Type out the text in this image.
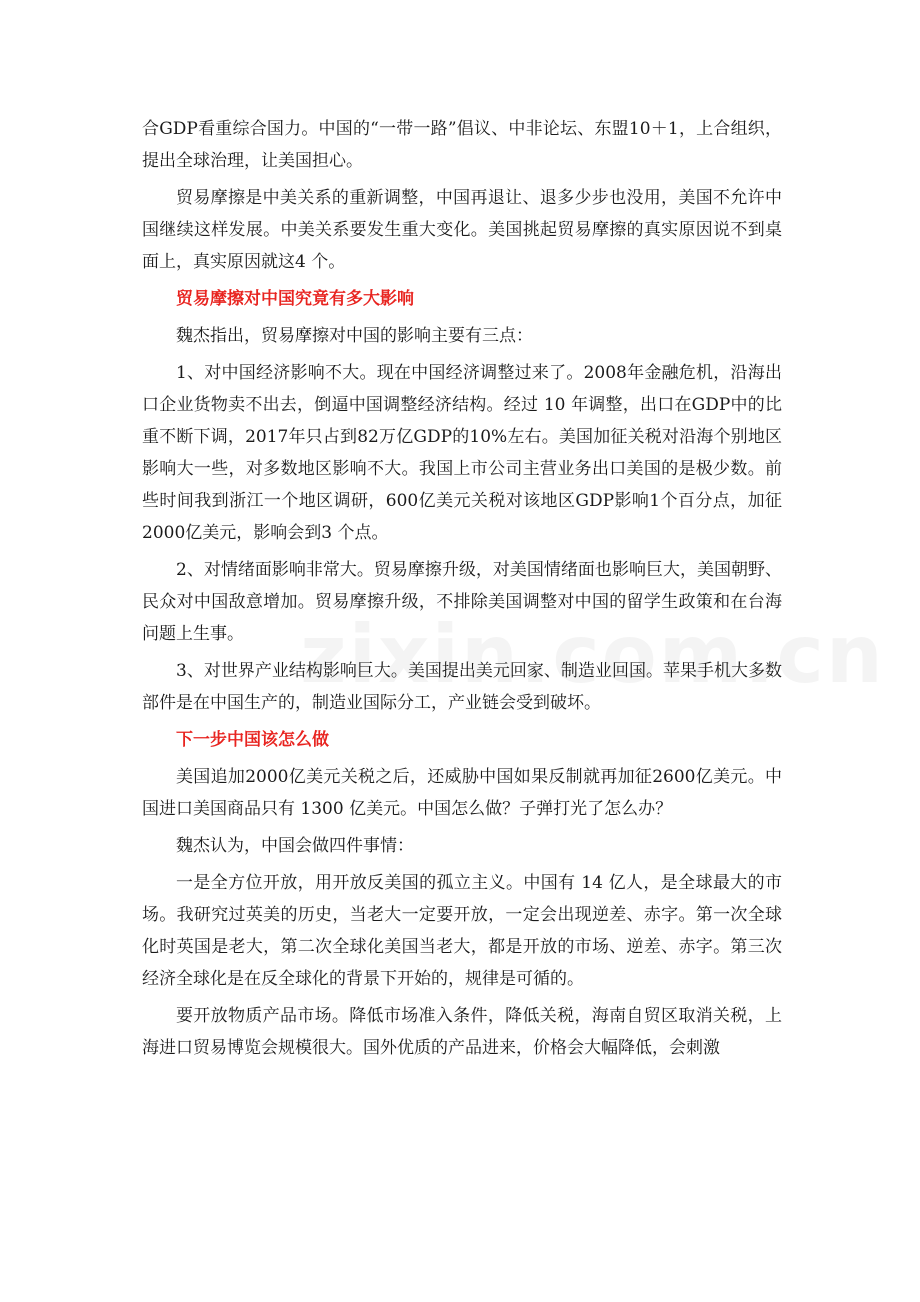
合GDP看重综合国力。中国的“一带一路”倡议、中非论坛、东盟10＋1，上合组织，提出全球治理，让美国担心。

贸易摩擦是中美关系的重新调整，中国再退让、退多少步也没用，美国不允许中国继续这样发展。中美关系要发生重大变化。美国挑起贸易摩擦的真实原因说不到桌面上，真实原因就这4 个。

贸易摩擦对中国究竟有多大影响

魏杰指出，贸易摩擦对中国的影响主要有三点：

1、对中国经济影响不大。现在中国经济调整过来了。2008年金融危机，沿海出口企业货物卖不出去，倒逼中国调整经济结构。经过 10 年调整，出口在GDP中的比重不断下调，2017年只占到82万亿GDP的10%左右。美国加征关税对沿海个别地区影响大一些，对多数地区影响不大。我国上市公司主营业务出口美国的是极少数。前些时间我到浙江一个地区调研，600亿美元关税对该地区GDP影响1个百分点，加征 2000亿美元，影响会到3 个点。

2、对情绪面影响非常大。贸易摩擦升级，对美国情绪面也影响巨大，美国朝野、民众对中国敌意增加。贸易摩擦升级，不排除美国调整对中国的留学生政策和在台海问题上生事。

3、对世界产业结构影响巨大。美国提出美元回家、制造业回国。苹果手机大多数部件是在中国生产的，制造业国际分工，产业链会受到破坏。

下一步中国该怎么做

美国追加2000亿美元关税之后，还威胁中国如果反制就再加征2600亿美元。中国进口美国商品只有 1300 亿美元。中国怎么做？子弹打光了怎么办？

魏杰认为，中国会做四件事情：

一是全方位开放，用开放反美国的孤立主义。中国有 14 亿人，是全球最大的市场。我研究过英美的历史，当老大一定要开放，一定会出现逆差、赤字。第一次全球化时英国是老大，第二次全球化美国当老大，都是开放的市场、逆差、赤字。第三次经济全球化是在反全球化的背景下开始的，规律是可循的。

要开放物质产品市场。降低市场准入条件，降低关税，海南自贸区取消关税，上海进口贸易博览会规模很大。国外优质的产品进来，价格会大幅降低，会刺激
